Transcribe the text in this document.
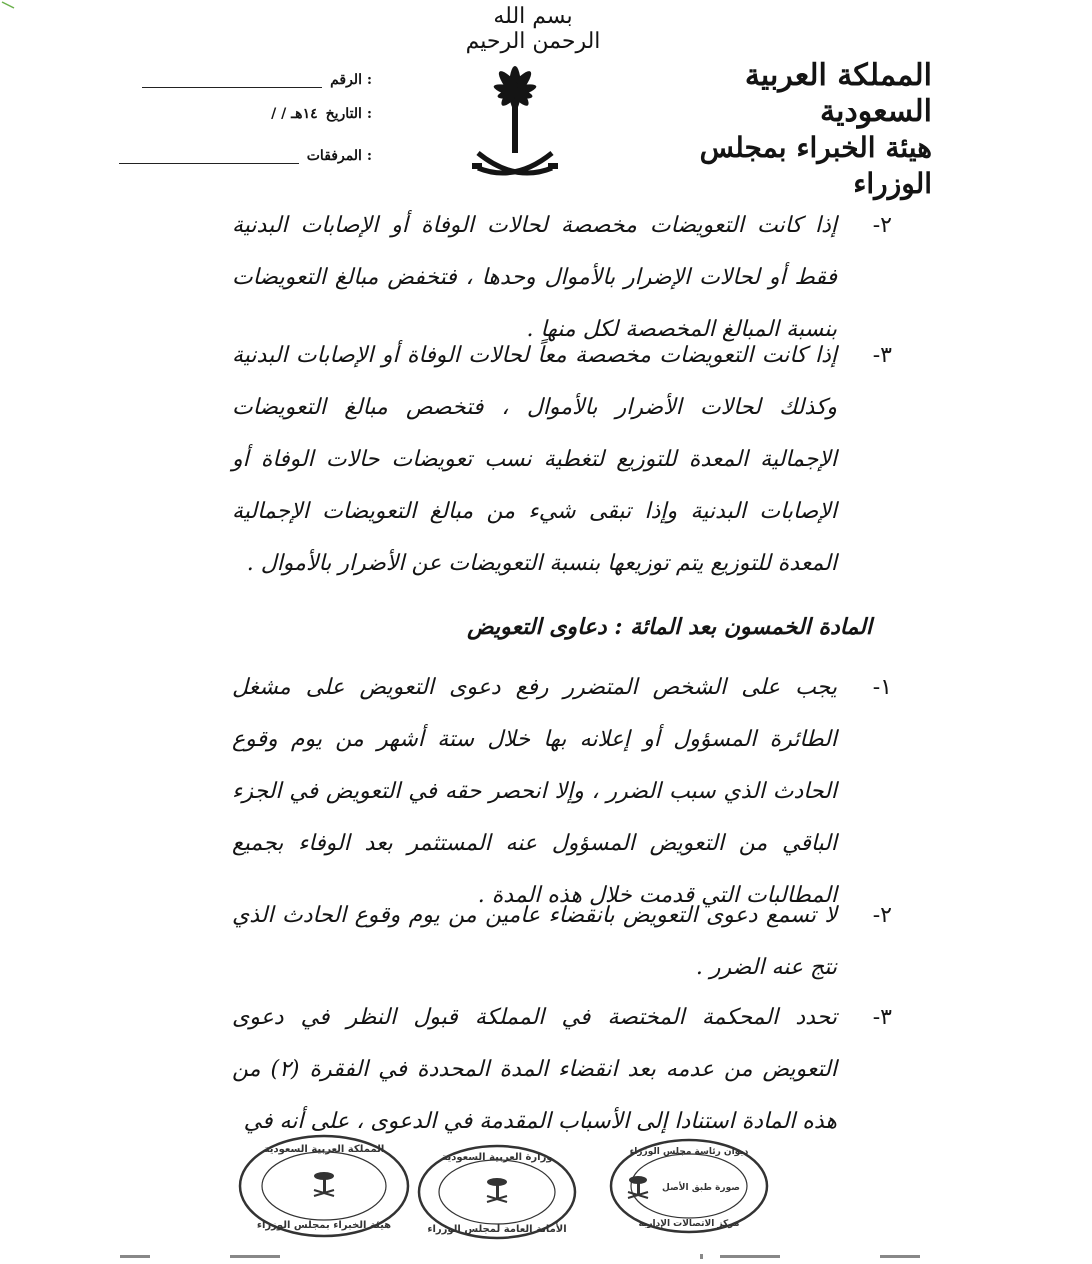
بسم الله الرحمن الرحيم
المملكة العربية السعودية
هيئة الخبراء بمجلس الوزراء
الرقم :
التاريخ :
/ / ١٤هـ
المرفقات :
٢-
إذا كانت التعويضات مخصصة لحالات الوفاة أو الإصابات البدنية فقط أو لحالات الإضرار بالأموال وحدها ، فتخفض مبالغ التعويضات بنسبة المبالغ المخصصة لكل منها .
٣-
إذا كانت التعويضات مخصصة معاً لحالات الوفاة أو الإصابات البدنية وكذلك لحالات الأضرار بالأموال ، فتخصص مبالغ التعويضات الإجمالية المعدة للتوزيع لتغطية نسب تعويضات حالات الوفاة أو الإصابات البدنية وإذا تبقى شيء من مبالغ التعويضات الإجمالية المعدة للتوزيع يتم توزيعها بنسبة التعويضات عن الأضرار بالأموال .
المادة الخمسون بعد المائة : دعاوى التعويض
١-
يجب على الشخص المتضرر رفع دعوى التعويض على مشغل الطائرة المسؤول أو إعلانه بها خلال ستة أشهر من يوم وقوع الحادث الذي سبب الضرر ، وإلا انحصر حقه في التعويض في الجزء الباقي من التعويض المسؤول عنه المستثمر بعد الوفاء بجميع المطالبات التي قدمت خلال هذه المدة .
٢-
لا تسمع دعوى التعويض بانقضاء عامين من يوم وقوع الحادث الذي نتج عنه الضرر .
٣-
تحدد المحكمة المختصة في المملكة قبول النظر في دعوى التعويض من عدمه بعد انقضاء المدة المحددة في الفقرة (٢) من هذه المادة استنادا إلى الأسباب المقدمة في الدعوى ، على أنه في
المملكة العربية السعودية
هيئة الخبراء بمجلس الوزراء
وزارة العربية السعودية
الأمانة العامة لمجلس الوزراء
ديوان رئاسة مجلس الوزراء
صورة طبق الأصل
مركز الاتصالات الإدارية
